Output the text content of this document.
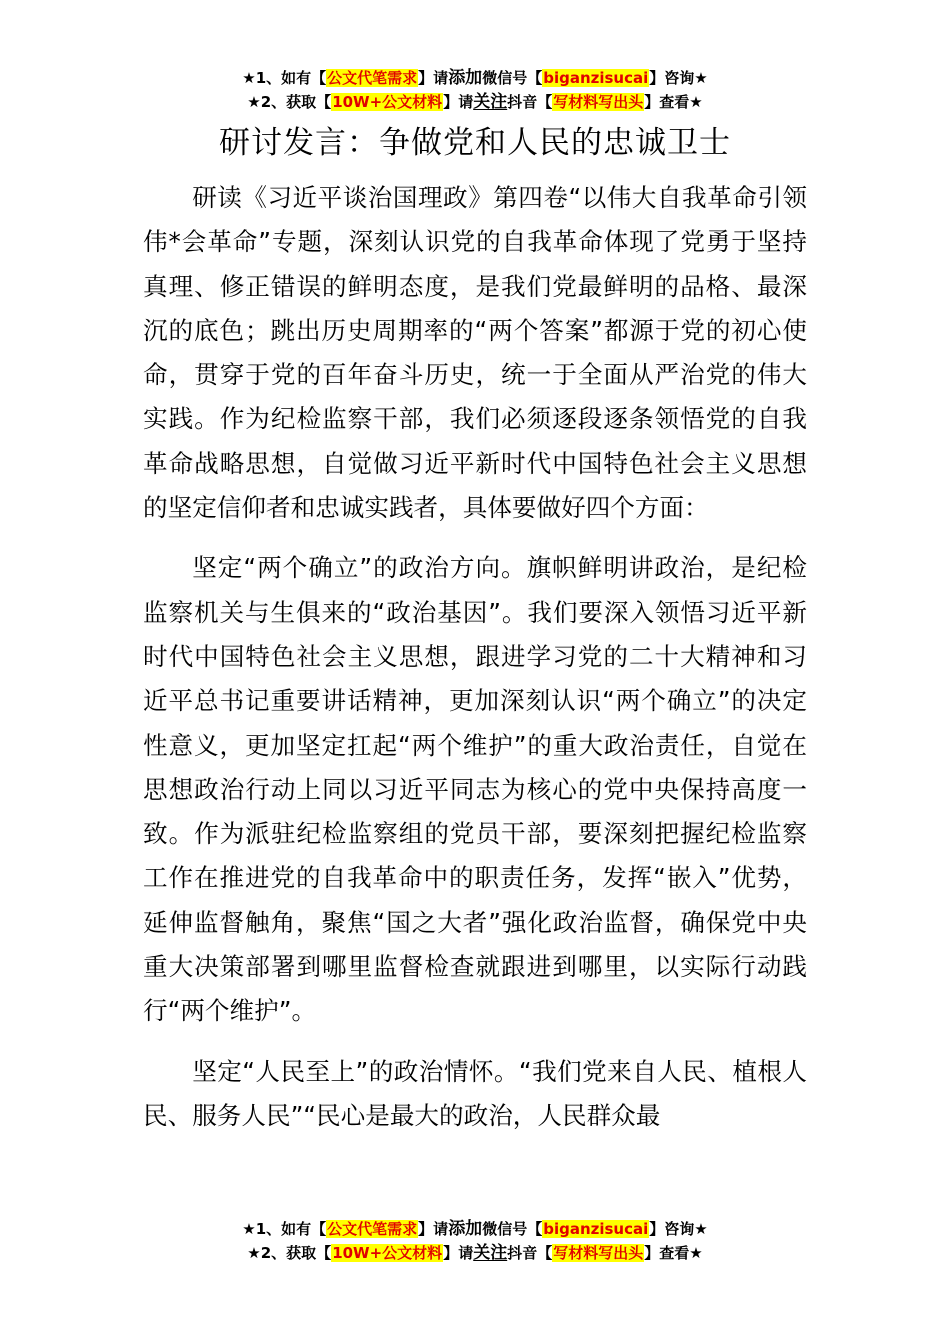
★1、如有【公文代笔需求】请添加微信号【biganzisucai】咨询★
★2、获取【10W+公文材料】请关注抖音【写材料写出头】查看★
研讨发言：争做党和人民的忠诚卫士

研读《习近平谈治国理政》第四卷“以伟大自我革命引领伟*会革命”专题，深刻认识党的自我革命体现了党勇于坚持真理、修正错误的鲜明态度，是我们党最鲜明的品格、最深沉的底色；跳出历史周期率的“两个答案”都源于党的初心使命，贯穿于党的百年奋斗历史，统一于全面从严治党的伟大实践。作为纪检监察干部，我们必须逐段逐条领悟党的自我革命战略思想，自觉做习近平新时代中国特色社会主义思想的坚定信仰者和忠诚实践者，具体要做好四个方面：

坚定“两个确立”的政治方向。旗帜鲜明讲政治，是纪检监察机关与生俱来的“政治基因”。我们要深入领悟习近平新时代中国特色社会主义思想，跟进学习党的二十大精神和习近平总书记重要讲话精神，更加深刻认识“两个确立”的决定性意义，更加坚定扛起“两个维护”的重大政治责任，自觉在思想政治行动上同以习近平同志为核心的党中央保持高度一致。作为派驻纪检监察组的党员干部，要深刻把握纪检监察工作在推进党的自我革命中的职责任务，发挥“嵌入”优势，延伸监督触角，聚焦“国之大者”强化政治监督，确保党中央重大决策部署到哪里监督检查就跟进到哪里，以实际行动践行“两个维护”。

坚定“人民至上”的政治情怀。“我们党来自人民、植根人民、服务人民”“民心是最大的政治，人民群众最

★1、如有【公文代笔需求】请添加微信号【biganzisucai】咨询★
★2、获取【10W+公文材料】请关注抖音【写材料写出头】查看★
